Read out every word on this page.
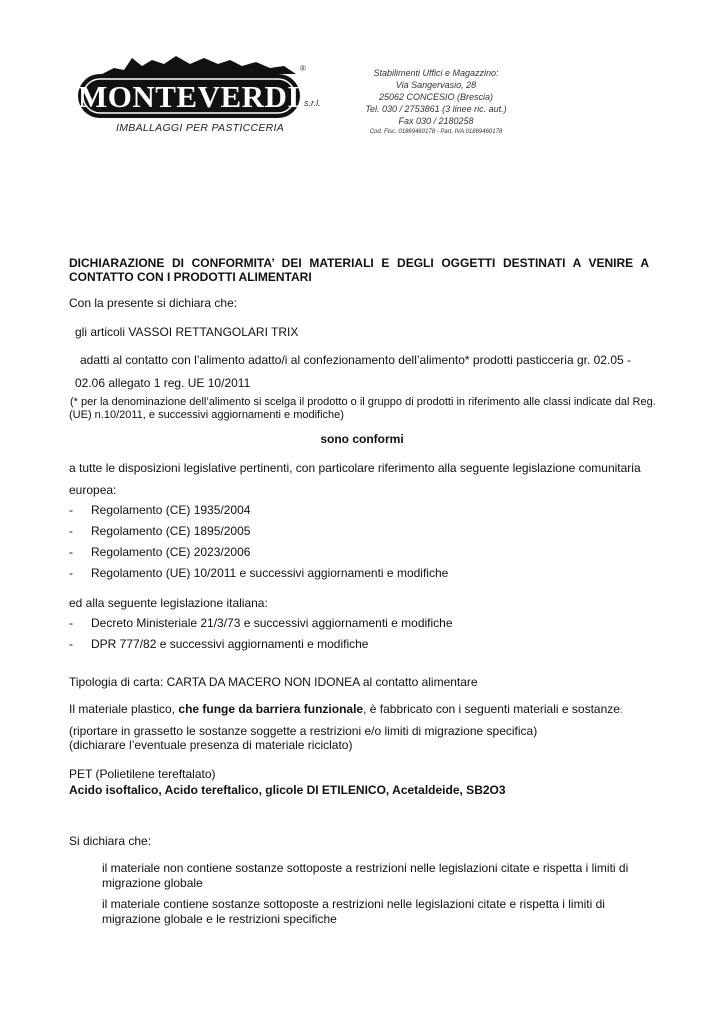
MONTEVERDI
®
s.r.l.
IMBALLAGGI PER PASTICCERIA
Stabilimenti Uffici e Magazzino:
Via Sangervasio, 28
25062 CONCESIO (Brescia)
Tel. 030 / 2753861 (3 linee ric. aut.)
Fax 030 / 2180258
Cod. Fisc. 01869460178 - Part. IVA 01869460178
DICHIARAZIONE DI CONFORMITA’ DEI MATERIALI E DEGLI OGGETTI DESTINATI A VENIRE A CONTATTO CON I PRODOTTI ALIMENTARI
Con la presente si dichiara che:
gli articoli VASSOI RETTANGOLARI TRIX
adatti al contatto con l’alimento adatto/i al confezionamento dell’alimento* prodotti pasticceria gr. 02.05 -
02.06 allegato 1 reg. UE 10/2011
(* per la denominazione dell’alimento si scelga il prodotto o il gruppo di prodotti in riferimento alle classi indicate dal Reg. (UE) n.10/2011, e successivi aggiornamenti e modifiche)
sono conformi
a tutte le disposizioni legislative pertinenti, con particolare riferimento alla seguente legislazione comunitaria
europea:
- Regolamento (CE) 1935/2004
- Regolamento (CE) 1895/2005
- Regolamento (CE) 2023/2006
- Regolamento (UE) 10/2011 e successivi aggiornamenti e modifiche
ed alla seguente legislazione italiana:
- Decreto Ministeriale 21/3/73 e successivi aggiornamenti e modifiche
- DPR 777/82 e successivi aggiornamenti e modifiche
Tipologia di carta: CARTA DA MACERO NON IDONEA al contatto alimentare
Il materiale plastico, che funge da barriera funzionale, è fabbricato con i seguenti materiali e sostanze:
(riportare in grassetto le sostanze soggette a restrizioni e/o limiti di migrazione specifica)
(dichiarare l’eventuale presenza di materiale riciclato)
PET (Polietilene tereftalato)
Acido isoftalico, Acido tereftalico, glicole DI ETILENICO, Acetaldeide, SB2O3
Si dichiara che:
il materiale non contiene sostanze sottoposte a restrizioni nelle legislazioni citate e rispetta i limiti di migrazione globale
il materiale contiene sostanze sottoposte a restrizioni nelle legislazioni citate e rispetta i limiti di migrazione globale e le restrizioni specifiche
